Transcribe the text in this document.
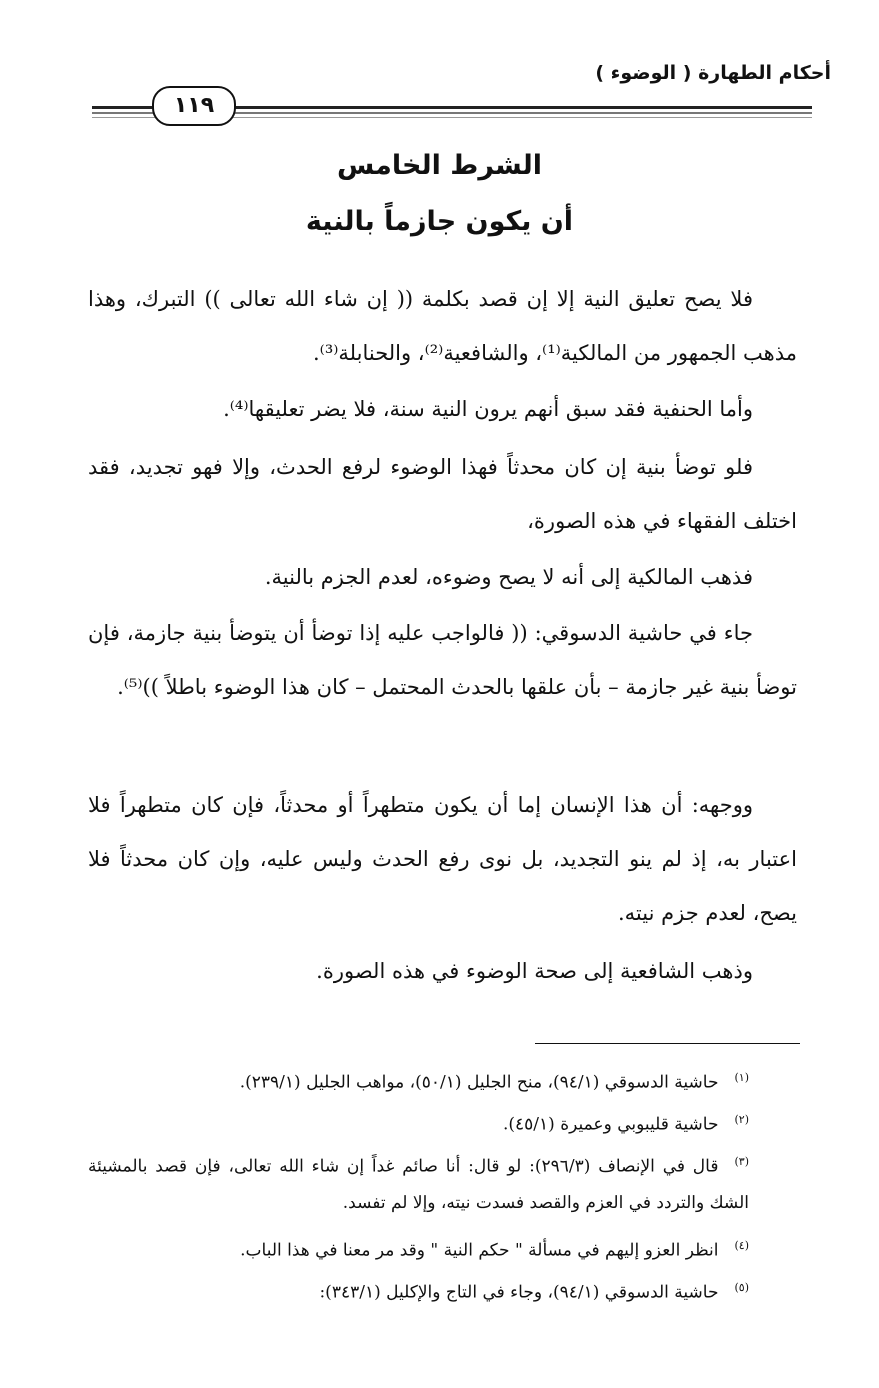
أحكام الطهارة ( الوضوء )
١١٩
الشرط الخامس
أن يكون جازماً بالنية
فلا يصح تعليق النية إلا إن قصد بكلمة (( إن شاء الله تعالى )) التبرك، وهذا مذهب الجمهور من المالكية⁽¹⁾، والشافعية⁽²⁾، والحنابلة⁽³⁾.
وأما الحنفية فقد سبق أنهم يرون النية سنة، فلا يضر تعليقها⁽⁴⁾.
فلو توضأ بنية إن كان محدثاً فهذا الوضوء لرفع الحدث، وإلا فهو تجديد، فقد اختلف الفقهاء في هذه الصورة،
فذهب المالكية إلى أنه لا يصح وضوءه، لعدم الجزم بالنية.
جاء في حاشية الدسوقي: (( فالواجب عليه إذا توضأ أن يتوضأ بنية جازمة، فإن توضأ بنية غير جازمة – بأن علقها بالحدث المحتمل – كان هذا الوضوء باطلاً ))⁽⁵⁾.
ووجهه: أن هذا الإنسان إما أن يكون متطهراً أو محدثاً، فإن كان متطهراً فلا اعتبار به، إذ لم ينو التجديد، بل نوى رفع الحدث وليس عليه، وإن كان محدثاً فلا يصح، لعدم جزم نيته.
وذهب الشافعية إلى صحة الوضوء في هذه الصورة.
$^{(١)}$حاشية الدسوقي (٩٤/١)، منح الجليل (٥٠/١)، مواهب الجليل (٢٣٩/١).
$^{(٢)}$حاشية قليبوبي وعميرة (٤٥/١).
$^{(٣)}$قال في الإنصاف (٢٩٦/٣): لو قال: أنا صائم غداً إن شاء الله تعالى، فإن قصد بالمشيئة الشك والتردد في العزم والقصد فسدت نيته، وإلا لم تفسد.
$^{(٤)}$انظر العزو إليهم في مسألة " حكم النية " وقد مر معنا في هذا الباب.
$^{(٥)}$حاشية الدسوقي (٩٤/١)، وجاء في التاج والإكليل (٣٤٣/١):
